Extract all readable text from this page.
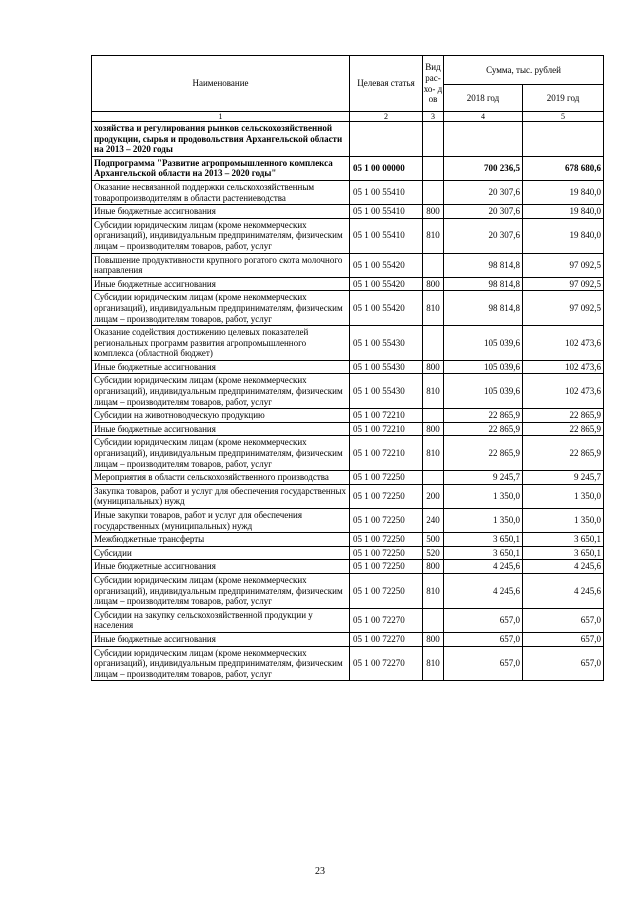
Наименование	Целевая статья	Вид рас- хо- дов	Сумма, тыс. рублей	
			2018 год	2019 год
1	2	3	4	5
хозяйства и регулирования рынков сельскохозяйственной продукции, сырья и продовольствия Архангельской области на 2013 – 2020 годы				
Подпрограмма "Развитие агропромышленного комплекса Архангельской области на 2013 – 2020 годы"	05 1 00 00000		700 236,5	678 680,6
Оказание несвязанной поддержки сельскохозяйственным товаропроизводителям в области растениеводства	05 1 00 55410		20 307,6	19 840,0
Иные бюджетные ассигнования	05 1 00 55410	800	20 307,6	19 840,0
Субсидии юридическим лицам (кроме некоммерческих организаций), индивидуальным предпринимателям, физическим лицам – производителям товаров, работ, услуг	05 1 00 55410	810	20 307,6	19 840,0
Повышение продуктивности крупного рогатого скота молочного направления	05 1 00 55420		98 814,8	97 092,5
Иные бюджетные ассигнования	05 1 00 55420	800	98 814,8	97 092,5
Субсидии юридическим лицам (кроме некоммерческих организаций), индивидуальным предпринимателям, физическим лицам – производителям товаров, работ, услуг	05 1 00 55420	810	98 814,8	97 092,5
Оказание содействия достижению целевых показателей региональных программ развития агропромышленного комплекса (областной бюджет)	05 1 00 55430		105 039,6	102 473,6
Иные бюджетные ассигнования	05 1 00 55430	800	105 039,6	102 473,6
Субсидии юридическим лицам (кроме некоммерческих организаций), индивидуальным предпринимателям, физическим лицам – производителям товаров, работ, услуг	05 1 00 55430	810	105 039,6	102 473,6
Субсидии на животноводческую продукцию	05 1 00 72210		22 865,9	22 865,9
Иные бюджетные ассигнования	05 1 00 72210	800	22 865,9	22 865,9
Субсидии юридическим лицам (кроме некоммерческих организаций), индивидуальным предпринимателям, физическим лицам – производителям товаров, работ, услуг	05 1 00 72210	810	22 865,9	22 865,9
Мероприятия в области сельскохозяйственного производства	05 1 00 72250		9 245,7	9 245,7
Закупка товаров, работ и услуг для обеспечения государственных (муниципальных) нужд	05 1 00 72250	200	1 350,0	1 350,0
Иные закупки товаров, работ и услуг для обеспечения государственных (муниципальных) нужд	05 1 00 72250	240	1 350,0	1 350,0
Межбюджетные трансферты	05 1 00 72250	500	3 650,1	3 650,1
Субсидии	05 1 00 72250	520	3 650,1	3 650,1
Иные бюджетные ассигнования	05 1 00 72250	800	4 245,6	4 245,6
Субсидии юридическим лицам (кроме некоммерческих организаций), индивидуальным предпринимателям, физическим лицам – производителям товаров, работ, услуг	05 1 00 72250	810	4 245,6	4 245,6
Субсидии на закупку сельскохозяйственной продукции у населения	05 1 00 72270		657,0	657,0
Иные бюджетные ассигнования	05 1 00 72270	800	657,0	657,0
Субсидии юридическим лицам (кроме некоммерческих организаций), индивидуальным предпринимателям, физическим лицам – производителям товаров, работ, услуг	05 1 00 72270	810	657,0	657,0
23
